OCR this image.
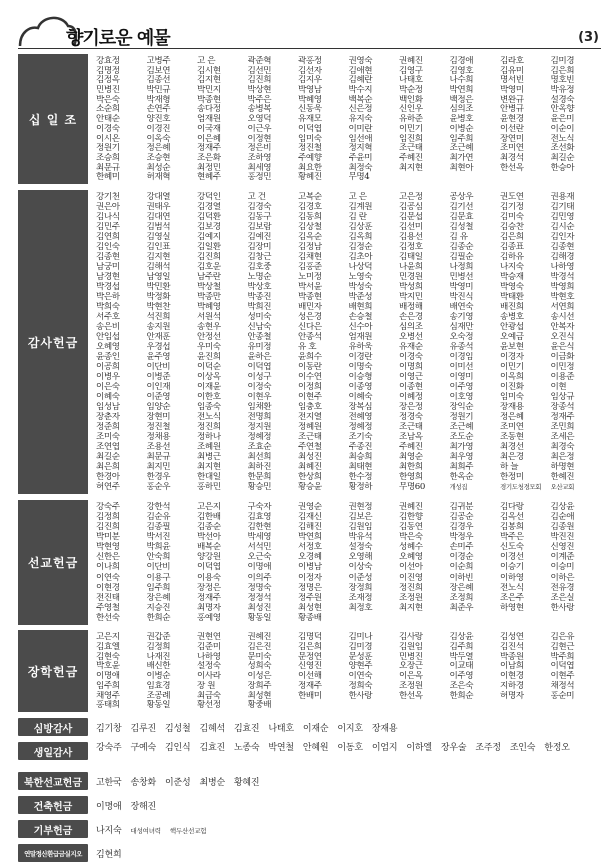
향기로운 예물	(3)
십 일 조
강효정	고병주	고 은	곽준혁	곽홍정	권영숙	권혜진	김경애	김라호	김미경
김명정	김보연	김시현	김선민	김선자	김애현	김영구	김영호	김유미	김은희
김정옥	김종선	김지현	김진희	김지우	김혜란	나태호	나수희	명서빈	명호빈
민병진	박민규	박민지	박상현	박영남	박수지	박순정	박연희	박영미	박유정
박은숙	박재형	박종현	박주은	박혜영	백복순	백인화	백정은	변완규	설경숙
소순희	손연주	송다정	송병복	신동욱	신은정	신인우	심의조	안병규	안옥향
안태순	양진호	엄재원	오영덕	유재모	유지숙	유하준	윤병호	윤현경	윤은미
이경숙	이경진	이국재	이근우	이덕엽	이미란	이민기	이병순	이선란	이순이
이시온	이옥숙	이은혜	이정현	임미숙	임선애	임진희	임주희	장연미	전노식
정원기	정은혜	정재주	정은비	정진철	정지혁	조근태	조근혜	조미연	조선화
조승희	조승현	조은화	조하영	주예향	주윤미	주혜진	최가연	최경석	최길순
최문규	최성순	최정민	최세영	최요한	최정숙	최지현	최현아	한선옥	한승아
한혜미	허재혁	현혜주	홍정민	황혜진	무명4
감사헌금
강기천	강대열	강덕인	고 건	고복순	고 은	고은정	공상우	권도연	권용재
권은아	권태우	김경열	김경숙	김경호	김계원	김공심	김기선	김기정	김기태
김나식	김대연	김덕환	김동구	김동희	김 란	김문섭	김문효	김미숙	김민영
김민주	김범석	김보경	김보람	김상철	김상훈	김선미	김성철	김승찬	김시순
김연희	김영실	김예지	김예진	김옥순	김옥희	김용선	김 유	김은희	김인자
김인숙	김인표	김일환	김장미	김정남	김정순	김정호	김종순	김종표	김종현
김종현	김지현	김진희	김창근	김채현	김초아	김태일	김필순	김하유	김해경
남궁미	김해석	김호운	김호중	김홍준	나상덕	나윤희	나정희	나지숙	나하영
남경현	남영일	남주란	노명순	노미정	노영숙	민경원	민병선	박승재	박경석
박경섭	박민환	박상철	박상호	박서윤	박성숙	박성희	박영미	박영숙	박영희
박은하	박정화	박종만	박종진	박종현	박준성	박지민	박진식	박태환	박현호
박희숙	박현찬	박혜영	박희진	배민자	배현희	배정해	배연숙	배진희	서연희
서주호	석진희	서원석	성미숙	성은경	손승철	손은경	송기영	송병호	송시선
송은비	송지원	송현우	신남숙	신다은	신수아	심의조	심재만	안광섭	안복자
안임섭	안재훈	안정선	안종철	안종석	엄재원	오병선	오숙정	오예금	오진식
오혜영	우경섭	우미숙	유미정	유 호	유하욱	유재순	유종석	윤보현	윤은식
윤종인	윤주영	윤진희	윤하은	윤희수	이경란	이경숙	이경임	이경자	이금화
이공희	이단비	이덕순	이덕엽	이동란	이명숙	이명희	이미선	이민기	이민정
이병우	이병준	이상옥	이성구	이수연	이승형	이영근	이영미	이옥희	이용준
이은숙	이인재	이재윤	이정숙	이정희	이종영	이종현	이주영	이진화	이현
이혜숙	이준영	이한호	이현우	이현주	이혜숙	이혜정	이호영	임미숙	임상규
임성남	임양순	임종숙	임채환	임충호	장복심	장은정	장익순	장재용	장종석
장춘자	장현미	전노식	전명희	전지열	전혜영	정경숙	정원기	정은혜	정재주
정준희	정진철	정진희	정지원	정혜원	정혜정	조근태	조근혜	조미연	조민희
조미숙	정채용	정하나	정혜정	조근태	조기숙	조남옥	조도순	조동현	조세은
조연엽	조용선	조혜원	조효순	주연철	주종진	주혜진	최가영	최경선	최경숙
최길순	최문규	최병근	최선희	최성진	최승희	최영순	최우영	최은경	최은정
최은희	최지민	최지현	최하진	최혜진	최태현	최한희	최희주	하 늘	하명현
한경아	한경우	한대일	한문희	한상희	한수정	한영희	한옥순	한정미	한혜진
허연주	홍순우	홍하민	황승민	황승윤	황정하	무명60	개성집	경기도청경모회	오산교회
선교헌금
강숙주	강한석	고은지	구숙자	권영순	권현정	권혜진	김귀분	김다랑	김상윤
김정희	김순유	김한배	김효영	김재신	김보은	김한향	김공순	김옥선	김순애
김진희	김종필	김종순	김한현	김해진	김원임	김동연	김경우	김봉희	김종원
박미분	박서진	박선아	박세영	박연희	박유석	박은숙	박정우	박주은	박진진
박현영	박희윤	배복순	서석민	서정호	설정숙	성혜수	손미주	신도숙	신영진
신한은	안숙희	양강원	오근숙	오경혜	오영해	오혜영	이경순	이경선	이계준
이나희	이단비	이덕엽	이명애	이병남	이상숙	이선아	이순희	이승기	이승미
이연숙	이용구	이용숙	이의주	이정자	이준성	이진영	이하빈	이하영	이하은
이현경	임주희	장정은	정명숙	정명은	장정희	정진희	장은혜	전노식	전유경
전진태	장은혜	정재주	정정석	정주원	조재정	조정원	조정희	조은주	조은실
주영철	지승진	최명자	최성진	최성현	최정호	최지현	최준우	하영현	한사랑
한선숙	한희순	홍예영	황동일	황종배
장학헌금
고은지	권갑준	권현연	권혜진	김명덕	김미나	김사랑	김상윤	김성연	김은유
김효엘	김정희	김준미	김은진	김은희	김미경	김원임	김주희	김진석	김현근
김현숙	나재진	나하영	문미숙	문정연	문성훈	민병진	박두열	박종원	박주희
박호윤	배신한	설정숙	성희숙	신영진	양현주	오장근	이교태	이남희	이덕엽
이명애	이병순	이사라	이성은	이선해	이연숙	이은옥	이주영	이현경	이현주
임주희	임효경	장 원	장희주	정재주	정희숙	조정원	조은숙	지하경	채정석
채영주	조공례	최금숙	최성현	한배미	한사랑	한선옥	한희순	허명자	홍순미
홍태희	황동일	황선정	황중배
심방감사	김기창 김루진 김성철 김혜석 김효진 나태호 이재순 이지호 장재용
생일감사	강숙주 구예숙 김인식 김효진 노종숙 박연철 안혜원 이동호 이엄지 이하엘 장우술 조주정 조인숙 한정오
북한선교헌금	고한국 송창화 이준성 최병순 황혜진
건축헌금	이명애 장해진
기부헌금	나지숙 대성여녀력 핵두산선교험
연말정산환급금실지오	김현희
